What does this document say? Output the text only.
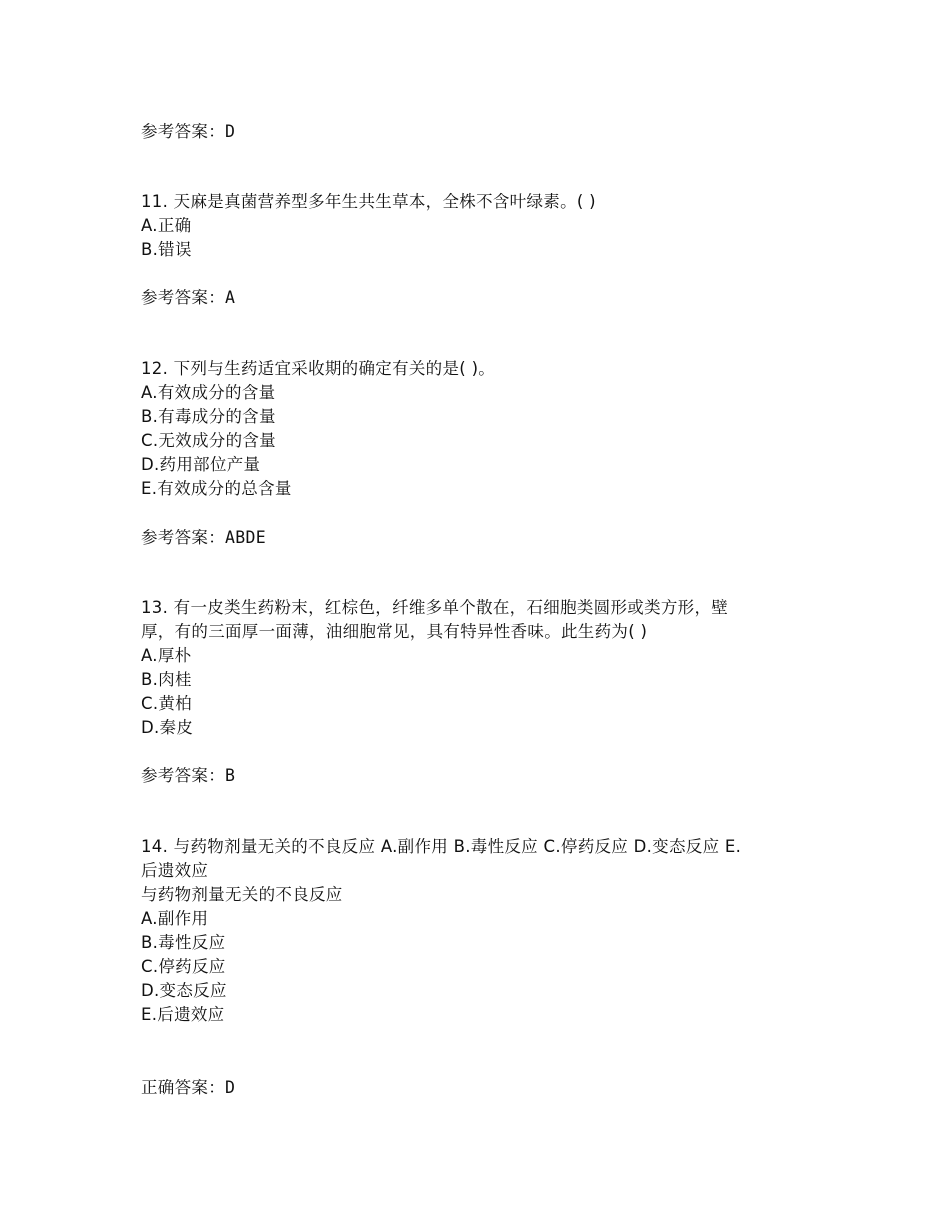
参考答案：D
11. 天麻是真菌营养型多年生共生草本，全株不含叶绿素。( )
A.正确
B.错误
参考答案：A
12. 下列与生药适宜采收期的确定有关的是( )。
A.有效成分的含量
B.有毒成分的含量
C.无效成分的含量
D.药用部位产量
E.有效成分的总含量
参考答案：ABDE
13. 有一皮类生药粉末，红棕色，纤维多单个散在，石细胞类圆形或类方形，壁
厚，有的三面厚一面薄，油细胞常见，具有特异性香味。此生药为( )
A.厚朴
B.肉桂
C.黄柏
D.秦皮
参考答案：B
14. 与药物剂量无关的不良反应 A.副作用 B.毒性反应 C.停药反应 D.变态反应 E.
后遗效应
与药物剂量无关的不良反应
A.副作用
B.毒性反应
C.停药反应
D.变态反应
E.后遗效应
正确答案：D
